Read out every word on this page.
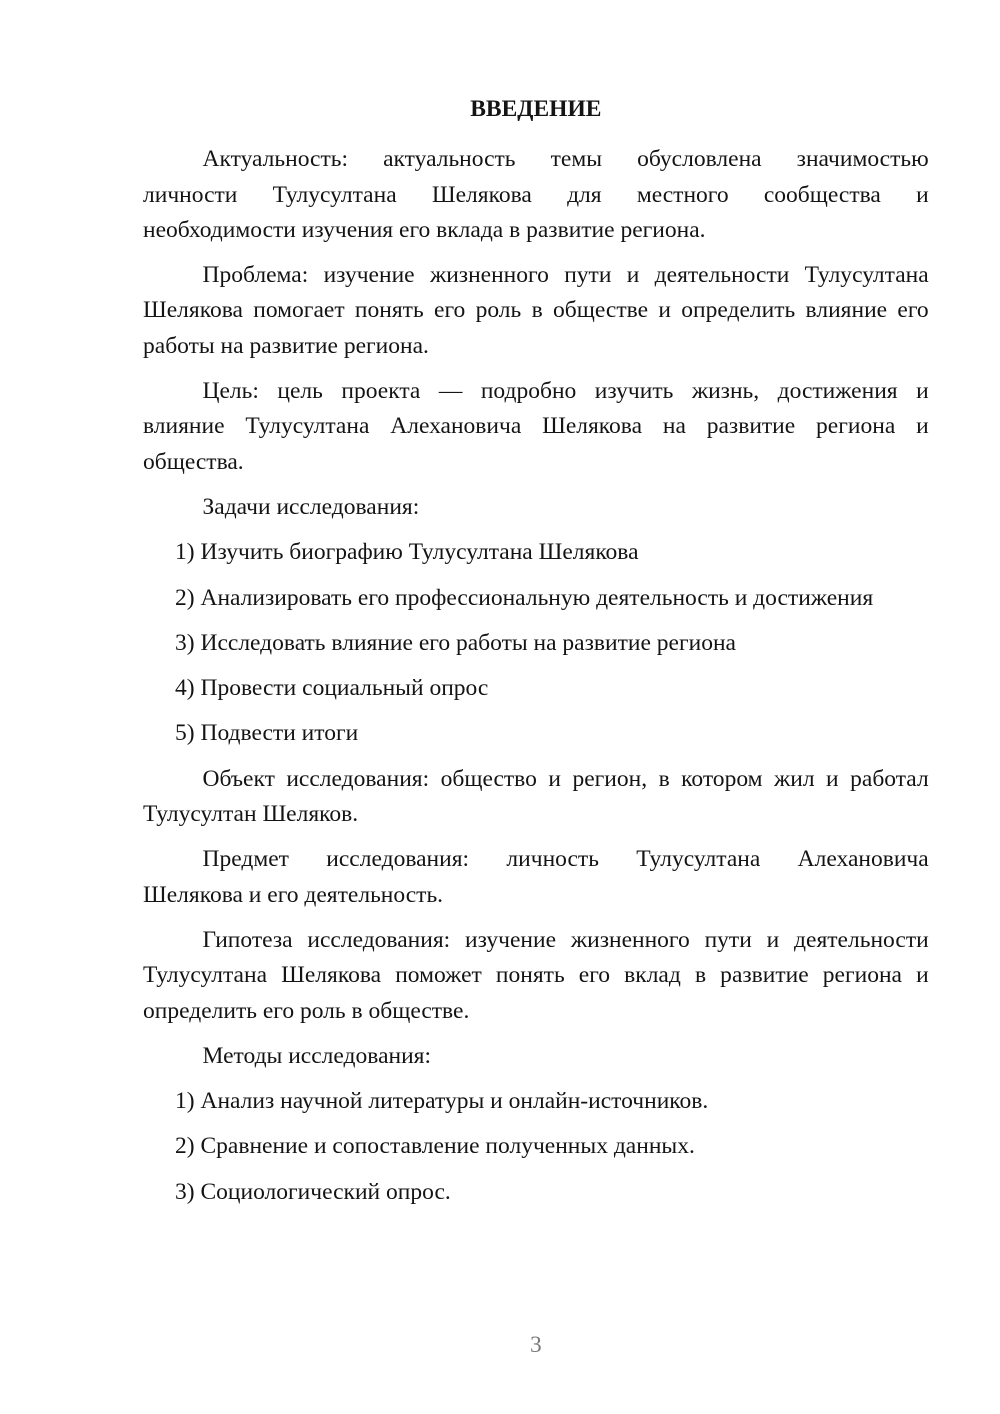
ВВЕДЕНИЕ
Актуальность: актуальность темы обусловлена значимостью
личности Тулусултана Шелякова для местного сообщества и
необходимости изучения его вклада в развитие региона.
Проблема: изучение жизненного пути и деятельности Тулусултана
Шелякова помогает понять его роль в обществе и определить влияние его
работы на развитие региона.
Цель: цель проекта — подробно изучить жизнь, достижения и
влияние Тулусултана Алехановича Шелякова на развитие региона и
общества.
Задачи исследования:
1) Изучить биографию Тулусултана Шелякова
2) Анализировать его профессиональную деятельность и достижения
3) Исследовать влияние его работы на развитие региона
4) Провести социальный опрос
5) Подвести итоги
Объект исследования: общество и регион, в котором жил и работал
Тулусултан Шеляков.
Предмет исследования: личность Тулусултана Алехановича
Шелякова и его деятельность.
Гипотеза исследования: изучение жизненного пути и деятельности
Тулусултана Шелякова поможет понять его вклад в развитие региона и
определить его роль в обществе.
Методы исследования:
1) Анализ научной литературы и онлайн-источников.
2) Сравнение и сопоставление полученных данных.
3) Социологический опрос.
3
